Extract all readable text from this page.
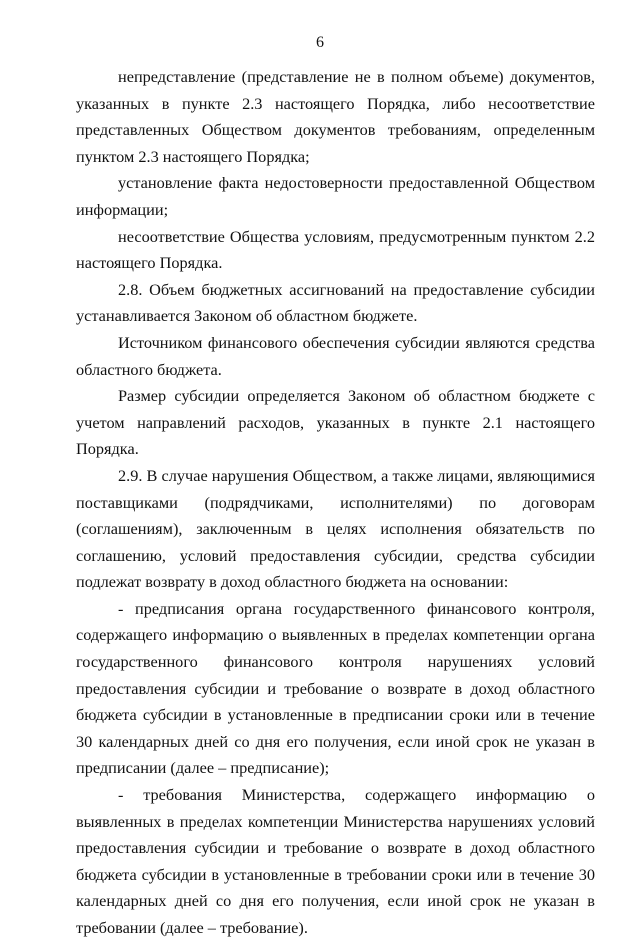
6

непредставление (представление не в полном объеме) документов, указанных в пункте 2.3 настоящего Порядка, либо несоответствие представленных Обществом документов требованиям, определенным пунктом 2.3 настоящего Порядка;

установление факта недостоверности предоставленной Обществом информации;

несоответствие Общества условиям, предусмотренным пунктом 2.2 настоящего Порядка.

2.8. Объем бюджетных ассигнований на предоставление субсидии устанавливается Законом об областном бюджете.

Источником финансового обеспечения субсидии являются средства областного бюджета.

Размер субсидии определяется Законом об областном бюджете с учетом направлений расходов, указанных в пункте 2.1 настоящего Порядка.

2.9. В случае нарушения Обществом, а также лицами, являющимися поставщиками (подрядчиками, исполнителями) по договорам (соглашениям), заключенным в целях исполнения обязательств по соглашению, условий предоставления субсидии, средства субсидии подлежат возврату в доход областного бюджета на основании:

- предписания органа государственного финансового контроля, содержащего информацию о выявленных в пределах компетенции органа государственного финансового контроля нарушениях условий предоставления субсидии и требование о возврате в доход областного бюджета субсидии в установленные в предписании сроки или в течение 30 календарных дней со дня его получения, если иной срок не указан в предписании (далее – предписание);

- требования Министерства, содержащего информацию о выявленных в пределах компетенции Министерства нарушениях условий предоставления субсидии и требование о возврате в доход областного бюджета субсидии в установленные в требовании сроки или в течение 30 календарных дней со дня его получения, если иной срок не указан в требовании (далее – требование).
